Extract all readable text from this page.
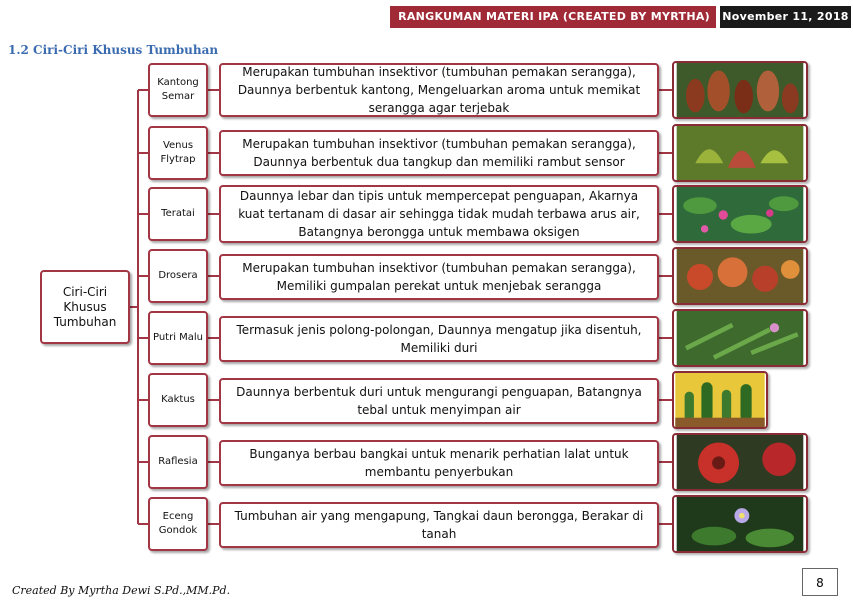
RANGKUMAN MATERI IPA (CREATED BY MYRTHA)	November 11, 2018
1.2 Ciri-Ciri Khusus Tumbuhan
Ciri-Ciri Khusus Tumbuhan
Kantong Semar
Merupakan tumbuhan insektivor (tumbuhan pemakan serangga), Daunnya berbentuk kantong, Mengeluarkan aroma untuk memikat serangga agar terjebak
Venus Flytrap
Merupakan tumbuhan insektivor (tumbuhan pemakan serangga), Daunnya berbentuk dua tangkup dan memiliki rambut sensor
Teratai
Daunnya lebar dan tipis untuk mempercepat penguapan, Akarnya kuat tertanam di dasar air sehingga tidak mudah terbawa arus air, Batangnya berongga untuk membawa oksigen
Drosera
Merupakan tumbuhan insektivor (tumbuhan pemakan serangga), Memiliki gumpalan perekat untuk menjebak serangga
Putri Malu
Termasuk jenis polong-polongan, Daunnya mengatup jika disentuh, Memiliki duri
Kaktus
Daunnya berbentuk duri untuk mengurangi penguapan, Batangnya tebal untuk menyimpan air
Raflesia
Bunganya berbau bangkai untuk menarik perhatian lalat untuk membantu penyerbukan
Eceng Gondok
Tumbuhan air yang mengapung, Tangkai daun berongga, Berakar di tanah
Created By Myrtha Dewi S.Pd.,MM.Pd.
8
